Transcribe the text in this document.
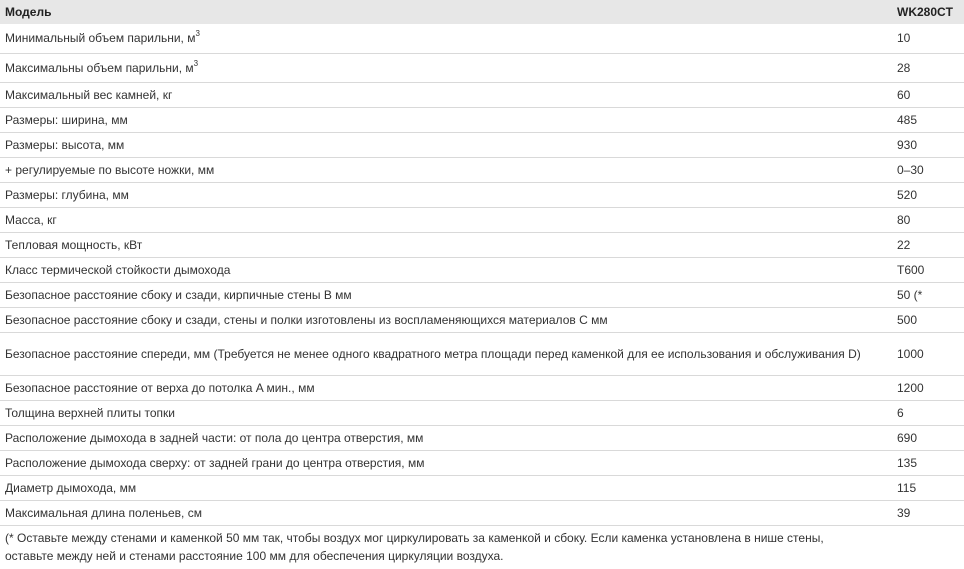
Модель	WK280CT
Минимальный объем парильни, $м^3$	10
Максимальны объем парильни, $м^3$	28
Максимальный вес камней, кг	60
Размеры: ширина, мм	485
Размеры: высота, мм	930
+ регулируемые по высоте ножки, мм	0–30
Размеры: глубина, мм	520
Масса, кг	80
Тепловая мощность, кВт	22
Класс термической стойкости дымохода	T600
Безопасное расстояние сбоку и сзади, кирпичные стены B мм	50 (*
Безопасное расстояние сбоку и сзади, стены и полки изготовлены из воспламеняющихся материалов C мм	500
Безопасное расстояние спереди, мм (Требуется не менее одного квадратного метра площади перед каменкой для ее использования и обслуживания D)	1000
Безопасное расстояние от верха до потолка A мин., мм	1200
Толщина верхней плиты топки	6
Расположение дымохода в задней части: от пола до центра отверстия, мм	690
Расположение дымохода сверху: от задней грани до центра отверстия, мм	135
Диаметр дымохода, мм	115
Максимальная длина поленьев, см	39
(* Оставьте между стенами и каменкой 50 мм так, чтобы воздух мог циркулировать за каменкой и сбоку. Если каменка установлена в нише стены, оставьте между ней и стенами расстояние 100 мм для обеспечения циркуляции воздуха.
